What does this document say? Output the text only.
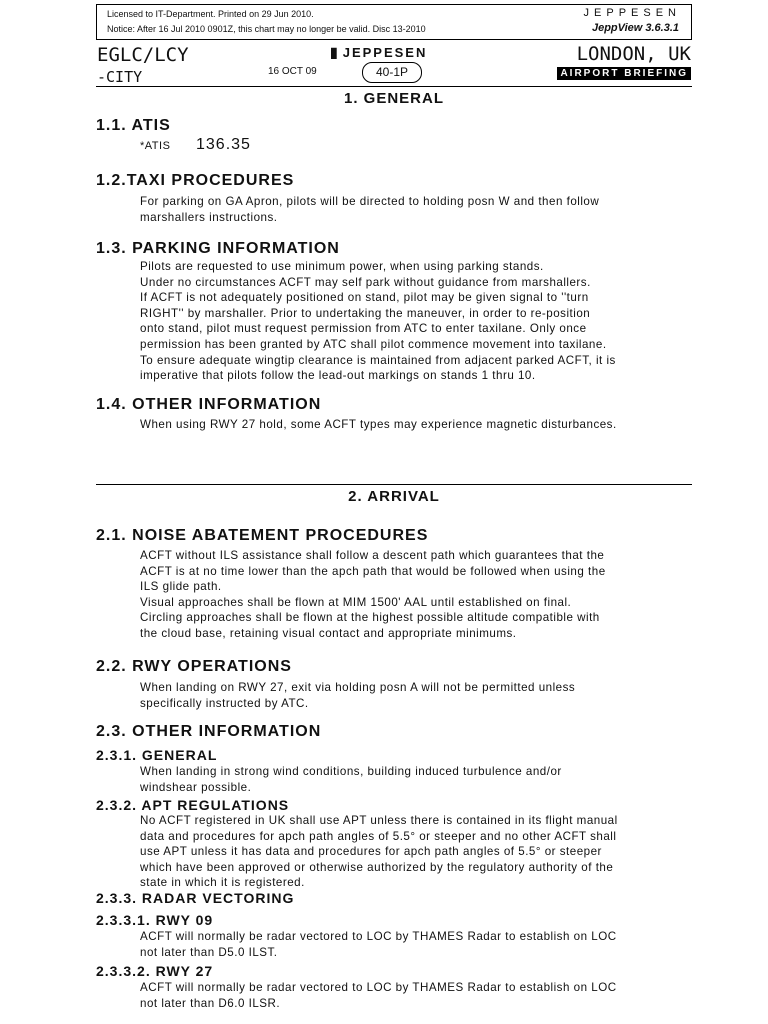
Licensed to IT-Department. Printed on 29 Jun 2010.
Notice: After 16 Jul 2010 0901Z, this chart may no longer be valid. Disc 13-2010
JEPPESEN
JeppView 3.6.3.1
EGLC/LCY
-CITY	16 OCT 09
▮ JEPPESEN
40-1P
LONDON, UK
AIRPORT BRIEFING
1. GENERAL
1.1. ATIS
*ATIS 136.35
1.2.TAXI PROCEDURES
For parking on GA Apron, pilots will be directed to holding posn W and then follow
marshallers instructions.
1.3. PARKING INFORMATION
Pilots are requested to use minimum power, when using parking stands.
Under no circumstances ACFT may self park without guidance from marshallers.
If ACFT is not adequately positioned on stand, pilot may be given signal to ''turn
RIGHT'' by marshaller. Prior to undertaking the maneuver, in order to re-position
onto stand, pilot must request permission from ATC to enter taxilane. Only once
permission has been granted by ATC shall pilot commence movement into taxilane.
To ensure adequate wingtip clearance is maintained from adjacent parked ACFT, it is
imperative that pilots follow the lead-out markings on stands 1 thru 10.
1.4. OTHER INFORMATION
When using RWY 27 hold, some ACFT types may experience magnetic disturbances.
2. ARRIVAL
2.1. NOISE ABATEMENT PROCEDURES
ACFT without ILS assistance shall follow a descent path which guarantees that the
ACFT is at no time lower than the apch path that would be followed when using the
ILS glide path.
Visual approaches shall be flown at MIM 1500' AAL until established on final.
Circling approaches shall be flown at the highest possible altitude compatible with
the cloud base, retaining visual contact and appropriate minimums.
2.2. RWY OPERATIONS
When landing on RWY 27, exit via holding posn A will not be permitted unless
specifically instructed by ATC.
2.3. OTHER INFORMATION
2.3.1. GENERAL
When landing in strong wind conditions, building induced turbulence and/or
windshear possible.
2.3.2. APT REGULATIONS
No ACFT registered in UK shall use APT unless there is contained in its flight manual
data and procedures for apch path angles of 5.5° or steeper and no other ACFT shall
use APT unless it has data and procedures for apch path angles of 5.5° or steeper
which have been approved or otherwise authorized by the regulatory authority of the
state in which it is registered.
2.3.3. RADAR VECTORING
2.3.3.1. RWY 09
ACFT will normally be radar vectored to LOC by THAMES Radar to establish on LOC
not later than D5.0 ILST.
2.3.3.2. RWY 27
ACFT will normally be radar vectored to LOC by THAMES Radar to establish on LOC
not later than D6.0 ILSR.
